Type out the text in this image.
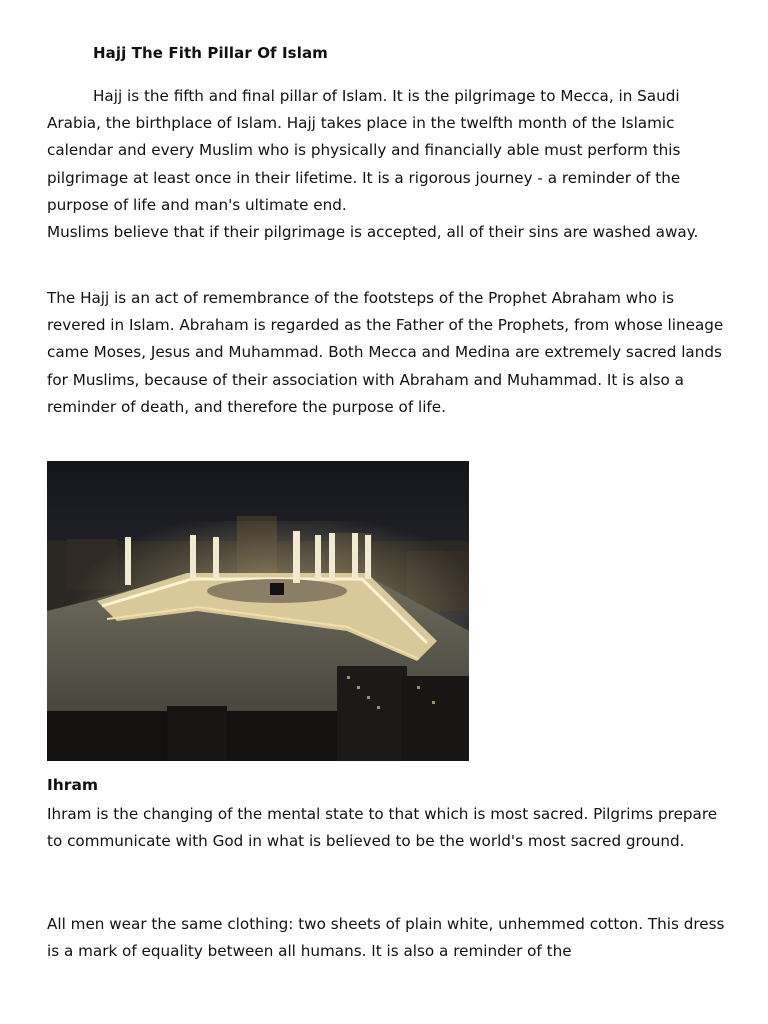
Hajj The Fith Pillar Of Islam

Hajj is the fifth and final pillar of Islam. It is the pilgrimage to Mecca, in Saudi Arabia, the birthplace of Islam. Hajj takes place in the twelfth month of the Islamic calendar and every Muslim who is physically and financially able must perform this pilgrimage at least once in their lifetime. It is a rigorous journey - a reminder of the purpose of life and man's ultimate end.
Muslims believe that if their pilgrimage is accepted, all of their sins are washed away.

The Hajj is an act of remembrance of the footsteps of the Prophet Abraham who is revered in Islam. Abraham is regarded as the Father of the Prophets, from whose lineage came Moses, Jesus and Muhammad. Both Mecca and Medina are extremely sacred lands for Muslims, because of their association with Abraham and Muhammad. It is also a reminder of death, and therefore the purpose of life.

Ihram

Ihram is the changing of the mental state to that which is most sacred. Pilgrims prepare to communicate with God in what is believed to be the world's most sacred ground.

All men wear the same clothing: two sheets of plain white, unhemmed cotton. This dress is a mark of equality between all humans. It is also a reminder of the
